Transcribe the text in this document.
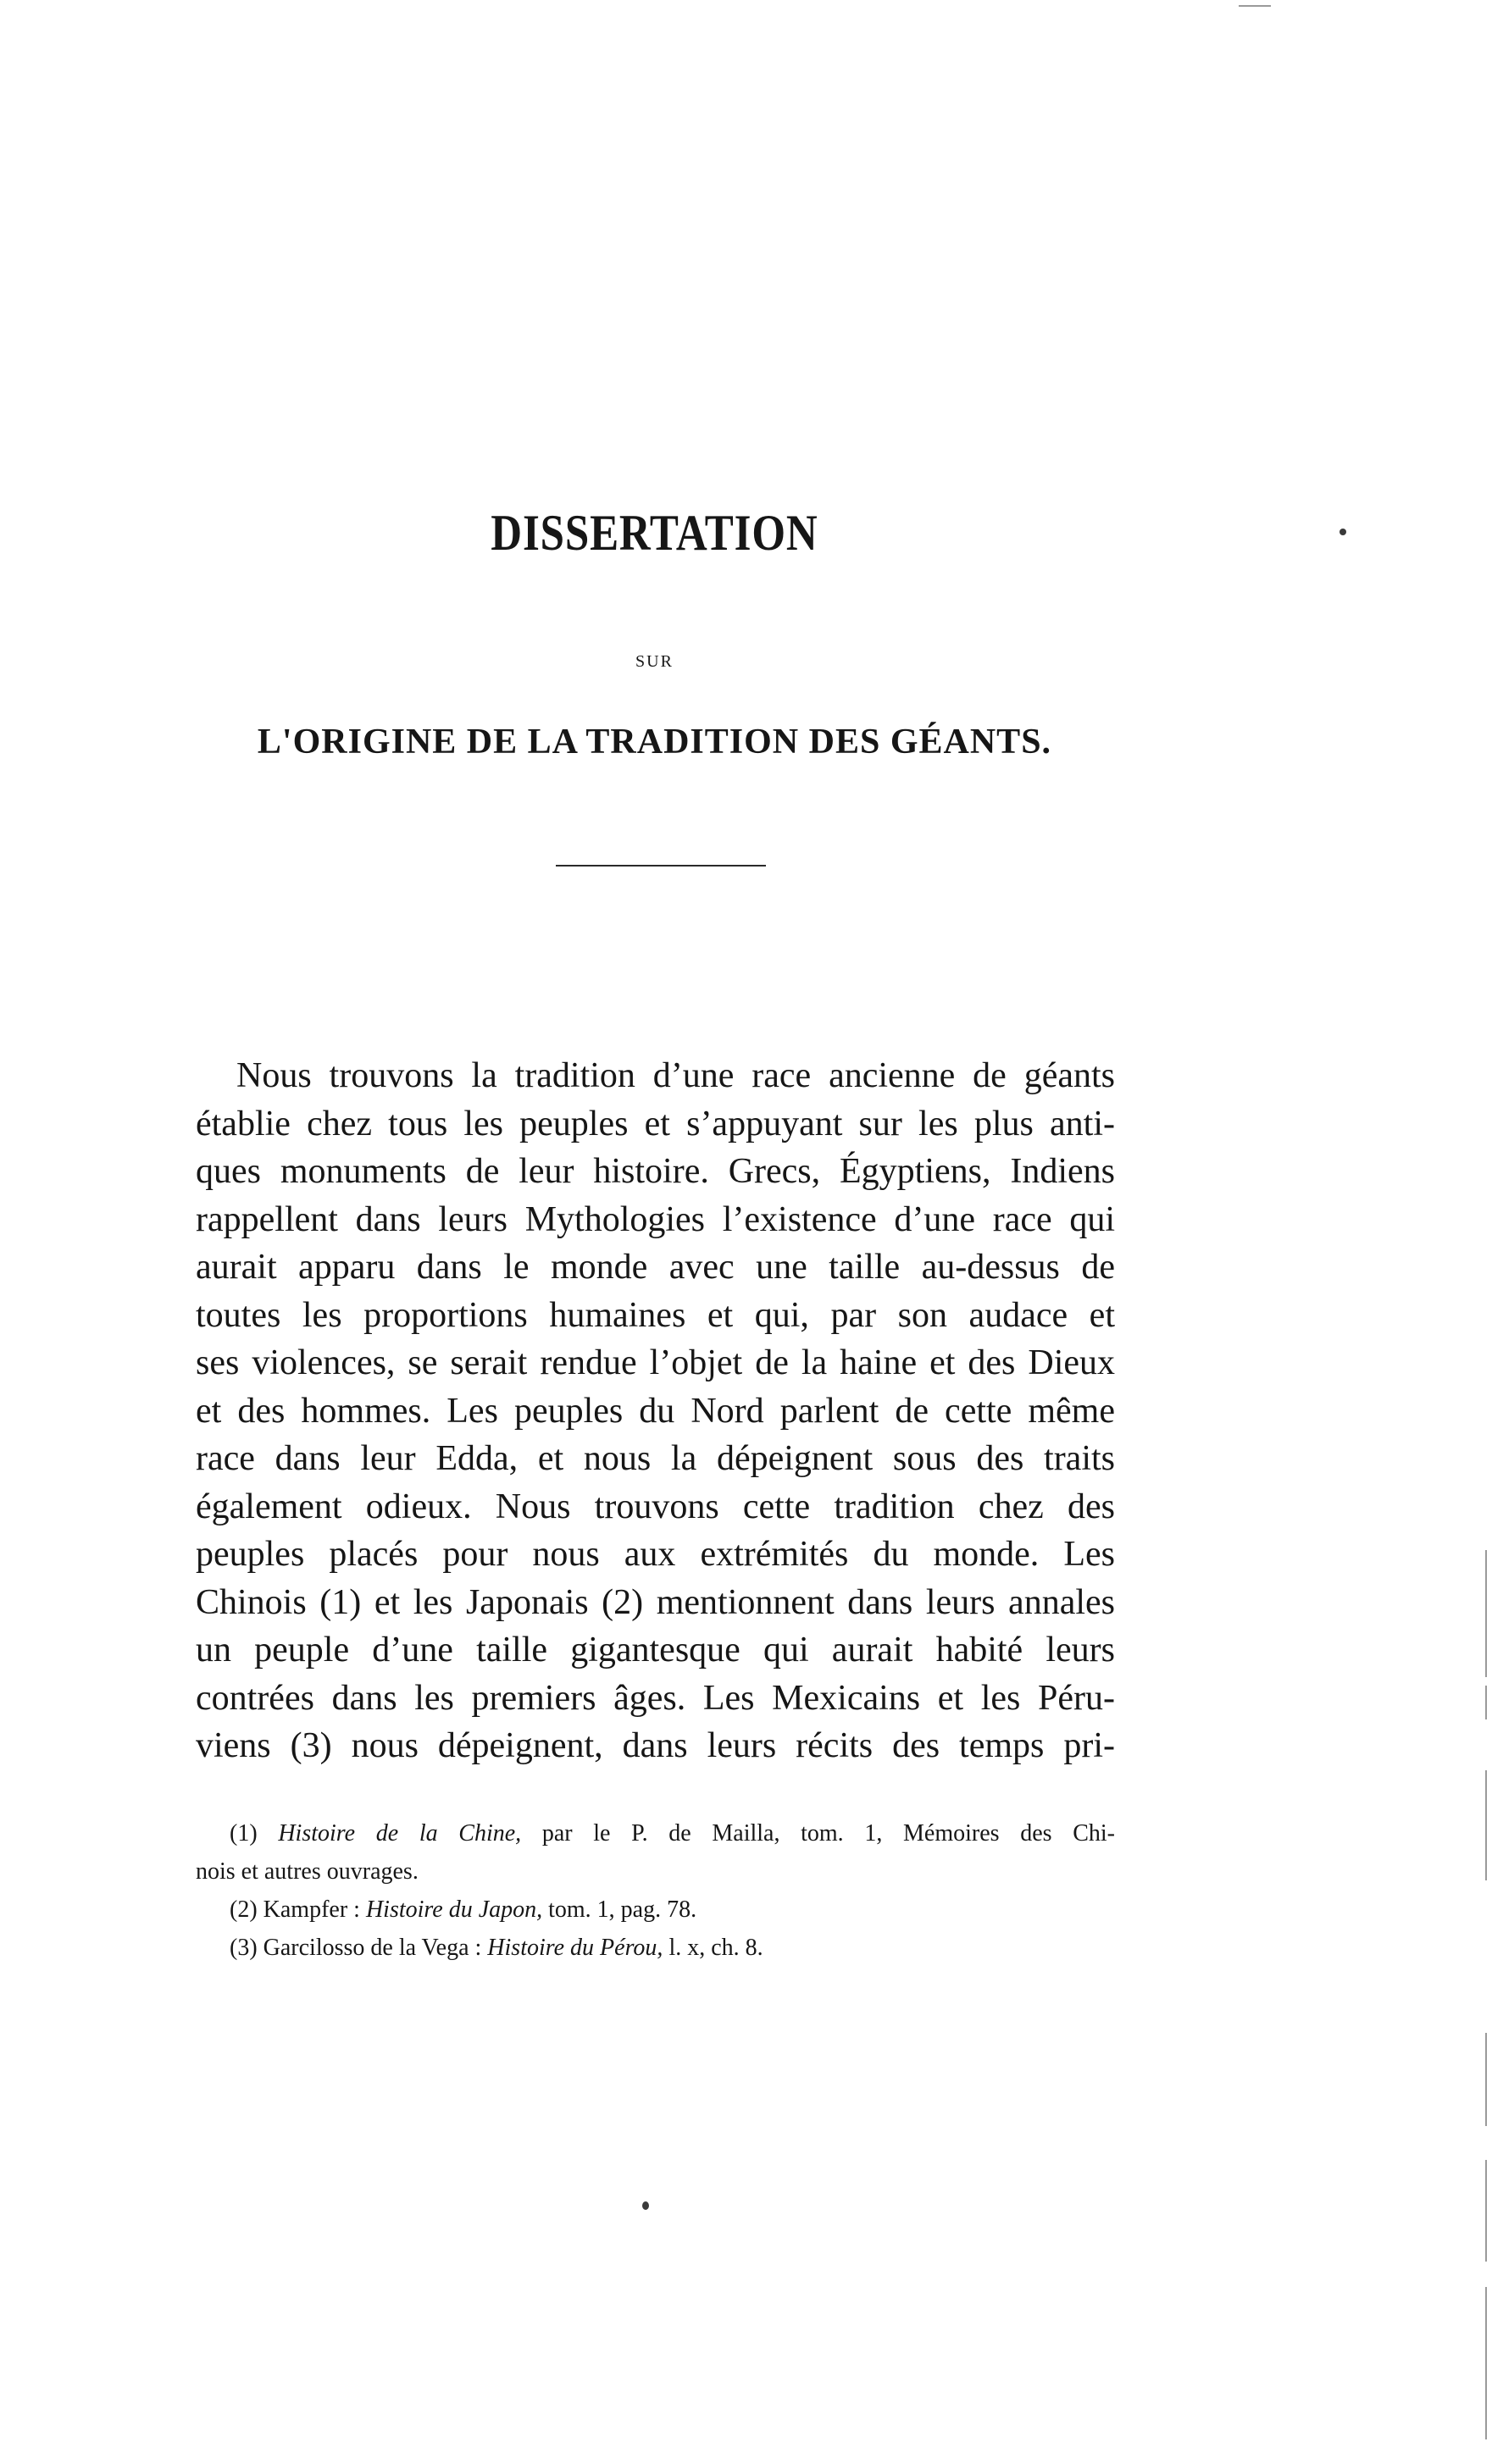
DISSERTATION
SUR
L'ORIGINE DE LA TRADITION DES GÉANTS.
Nous trouvons la tradition d’une race ancienne de géants
établie chez tous les peuples et s’appuyant sur les plus anti-
ques monuments de leur histoire. Grecs, Égyptiens, Indiens
rappellent dans leurs Mythologies l’existence d’une race qui
aurait apparu dans le monde avec une taille au-dessus de
toutes les proportions humaines et qui, par son audace et
ses violences, se serait rendue l’objet de la haine et des Dieux
et des hommes. Les peuples du Nord parlent de cette même
race dans leur Edda, et nous la dépeignent sous des traits
également odieux. Nous trouvons cette tradition chez des
peuples placés pour nous aux extrémités du monde. Les
Chinois (1) et les Japonais (2) mentionnent dans leurs annales
un peuple d’une taille gigantesque qui aurait habité leurs
contrées dans les premiers âges. Les Mexicains et les Péru-
viens (3) nous dépeignent, dans leurs récits des temps pri-
(1) Histoire de la Chine, par le P. de Mailla, tom. 1, Mémoires des Chi-
nois et autres ouvrages.
(2) Kampfer : Histoire du Japon, tom. 1, pag. 78.
(3) Garcilosso de la Vega : Histoire du Pérou, l. x, ch. 8.
